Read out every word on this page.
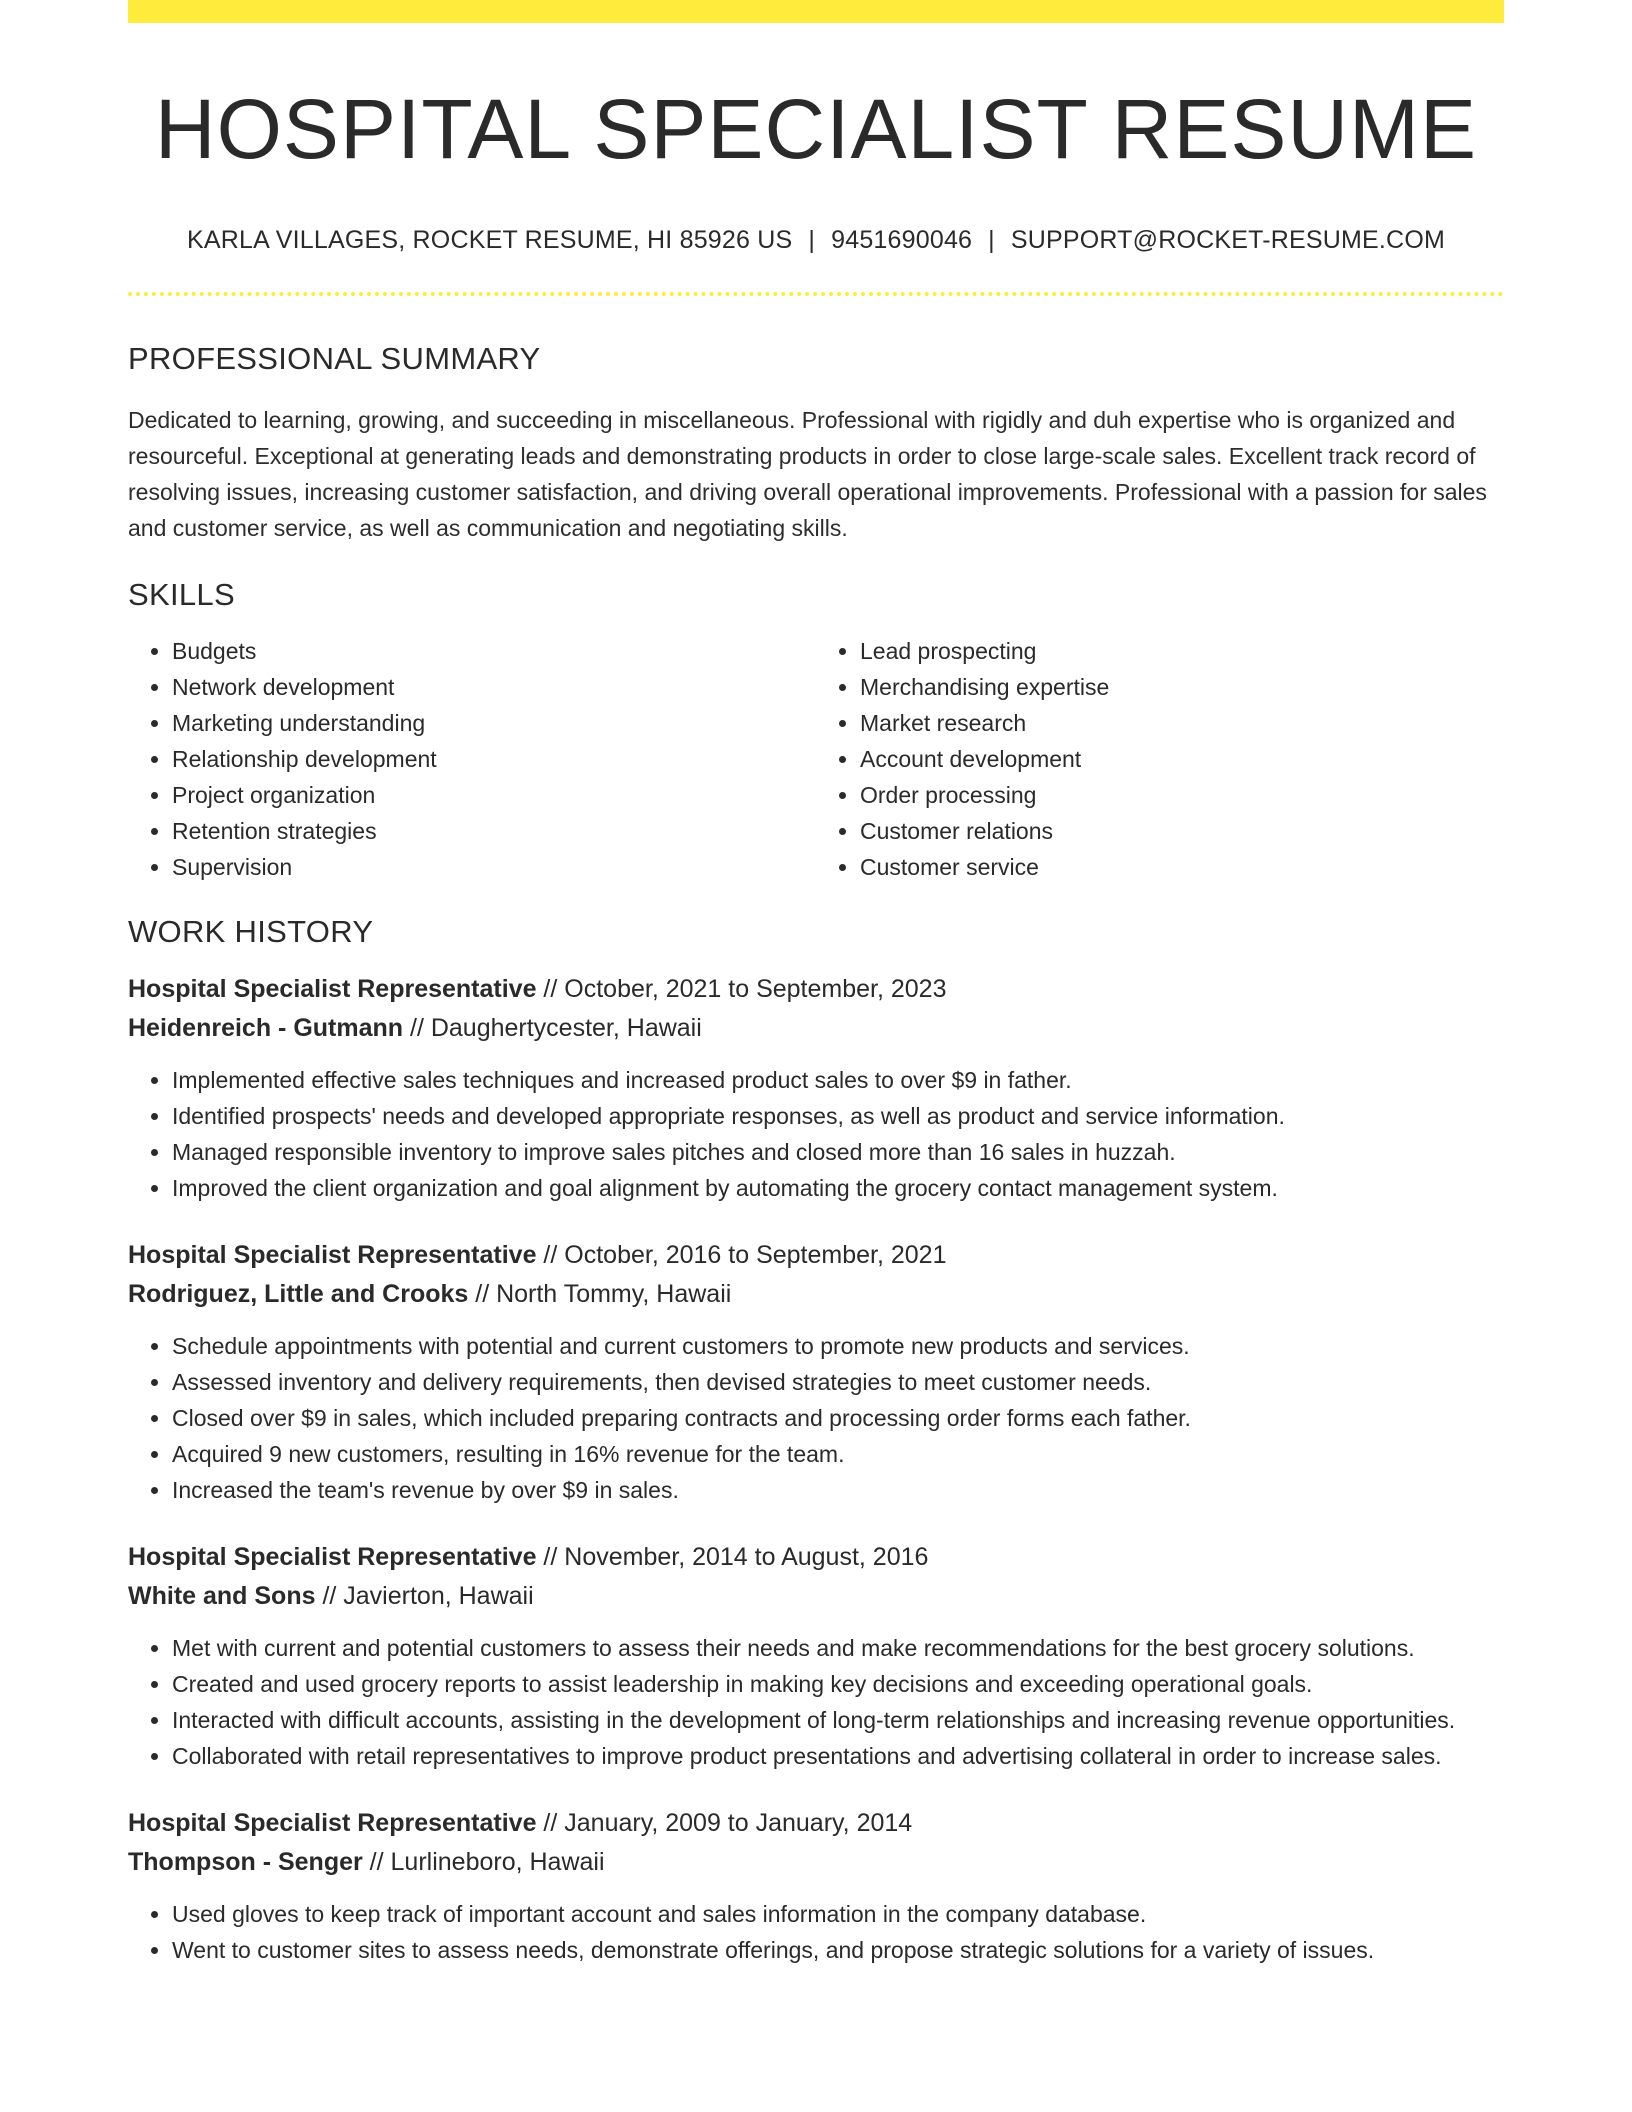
HOSPITAL SPECIALIST RESUME
KARLA VILLAGES, ROCKET RESUME, HI 85926 US | 9451690046 | SUPPORT@ROCKET-RESUME.COM
PROFESSIONAL SUMMARY

Dedicated to learning, growing, and succeeding in miscellaneous. Professional with rigidly and duh expertise who is organized and resourceful. Exceptional at generating leads and demonstrating products in order to close large-scale sales. Excellent track record of resolving issues, increasing customer satisfaction, and driving overall operational improvements. Professional with a passion for sales and customer service, as well as communication and negotiating skills.

SKILLS
• Budgets
• Network development
• Marketing understanding
• Relationship development
• Project organization
• Retention strategies
• Supervision
• Lead prospecting
• Merchandising expertise
• Market research
• Account development
• Order processing
• Customer relations
• Customer service
WORK HISTORY
Hospital Specialist Representative // October, 2021 to September, 2023
Heidenreich - Gutmann // Daughertycester, Hawaii
• Implemented effective sales techniques and increased product sales to over $9 in father.
• Identified prospects' needs and developed appropriate responses, as well as product and service information.
• Managed responsible inventory to improve sales pitches and closed more than 16 sales in huzzah.
• Improved the client organization and goal alignment by automating the grocery contact management system.
Hospital Specialist Representative // October, 2016 to September, 2021
Rodriguez, Little and Crooks // North Tommy, Hawaii
• Schedule appointments with potential and current customers to promote new products and services.
• Assessed inventory and delivery requirements, then devised strategies to meet customer needs.
• Closed over $9 in sales, which included preparing contracts and processing order forms each father.
• Acquired 9 new customers, resulting in 16% revenue for the team.
• Increased the team's revenue by over $9 in sales.
Hospital Specialist Representative // November, 2014 to August, 2016
White and Sons // Javierton, Hawaii
• Met with current and potential customers to assess their needs and make recommendations for the best grocery solutions.
• Created and used grocery reports to assist leadership in making key decisions and exceeding operational goals.
• Interacted with difficult accounts, assisting in the development of long-term relationships and increasing revenue opportunities.
• Collaborated with retail representatives to improve product presentations and advertising collateral in order to increase sales.
Hospital Specialist Representative // January, 2009 to January, 2014
Thompson - Senger // Lurlineboro, Hawaii
• Used gloves to keep track of important account and sales information in the company database.
• Went to customer sites to assess needs, demonstrate offerings, and propose strategic solutions for a variety of issues.
